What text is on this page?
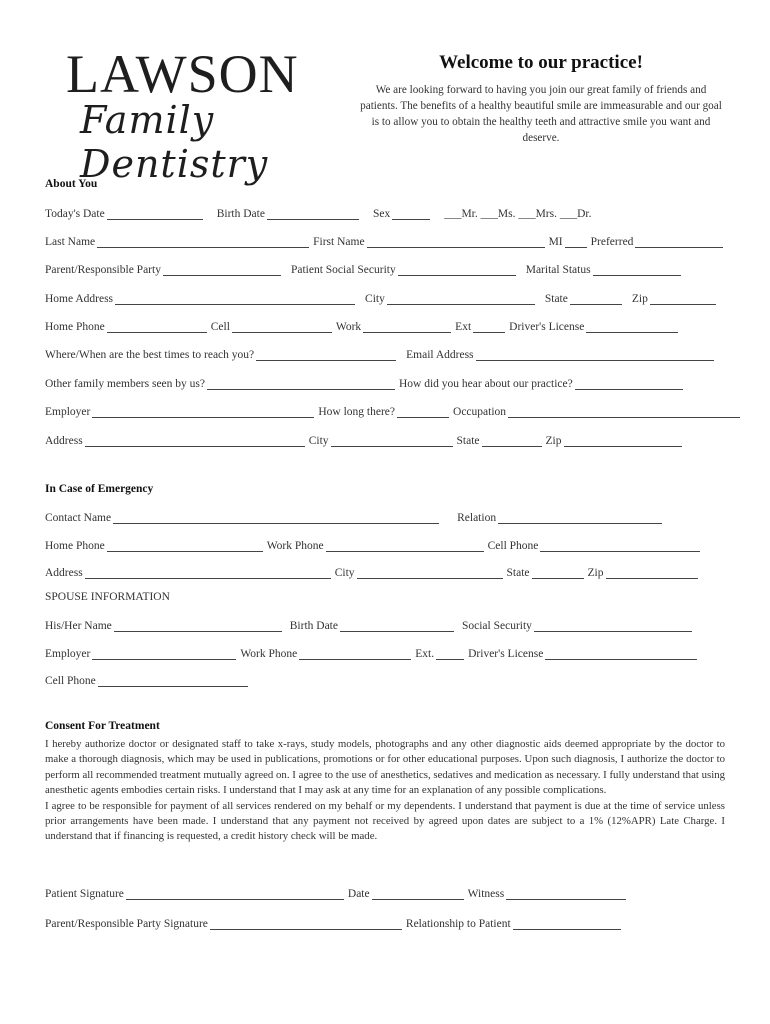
LAWSON
Family Dentistry
Welcome to our practice!

We are looking forward to having you join our great family of friends and patients. The benefits of a healthy beautiful smile are immeasurable and our goal is to allow you to obtain the healthy teeth and attractive smile you want and deserve.

About You
In Case of Emergency
SPOUSE INFORMATION
Today's Date	Birth Date	Sex	___Mr. ___Ms. ___Mrs. ___Dr.
Last Name	First Name	MI Preferred
Parent/Responsible Party	Patient Social Security	Marital Status
Home Address	City	State	Zip
Home Phone	Cell	Work	Ext	Driver's License
Where/When are the best times to reach you?	Email Address
Other family members seen by us?	How did you hear about our practice?
Employer	How long there?	Occupation
Address	City	State	Zip
Contact Name	Relation
Home Phone	Work Phone	Cell Phone
Address	City	State	Zip
His/Her Name	Birth Date	Social Security
Employer	Work Phone	Ext.	Driver's License
Cell Phone
Consent For Treatment

I hereby authorize doctor or designated staff to take x-rays, study models, photographs and any other diagnostic aids deemed appropriate by the doctor to make a thorough diagnosis, which may be used in publications, promotions or for other educational purposes. Upon such diagnosis, I authorize the doctor to perform all recommended treatment mutually agreed on. I agree to the use of anesthetics, sedatives and medication as necessary. I fully understand that using anesthetic agents embodies certain risks. I understand that I may ask at any time for an explanation of any possible complications.

I agree to be responsible for payment of all services rendered on my behalf or my dependents. I understand that payment is due at the time of service unless prior arrangements have been made. I understand that any payment not received by agreed upon dates are subject to a 1% (12%APR) Late Charge. I understand that if financing is requested, a credit history check will be made.

Patient Signature	Date	Witness
Parent/Responsible Party Signature	Relationship to Patient
